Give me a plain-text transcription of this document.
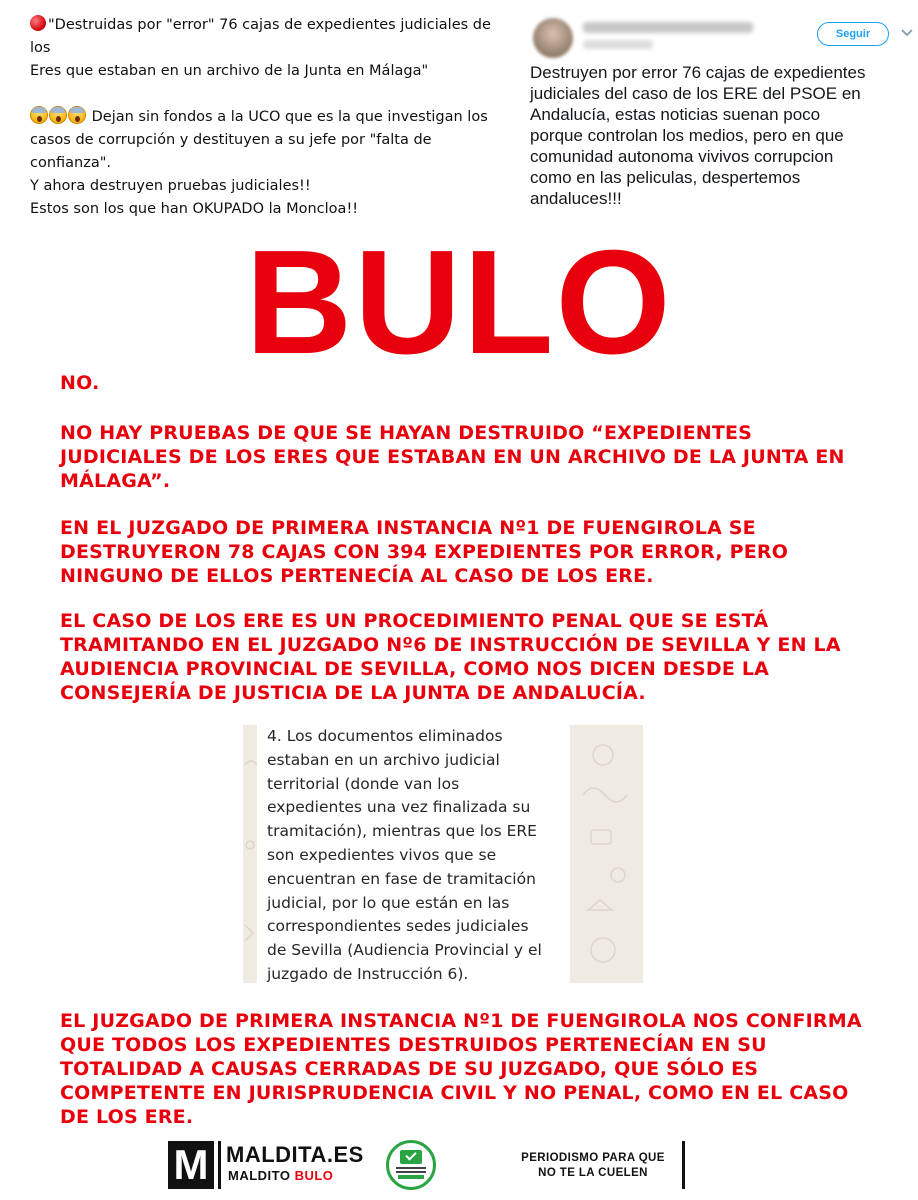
"Destruidas por "error" 76 cajas de expedientes judiciales de los

Eres que estaban en un archivo de la Junta en Málaga"

Dejan sin fondos a la UCO que es la que investigan los

casos de corrupción y destituyen a su jefe por "falta de confianza".

Y ahora destruyen pruebas judiciales!!

Estos son los que han OKUPADO la Moncloa!!

Seguir
Destruyen por error 76 cajas de expedientes
judiciales del caso de los ERE del PSOE en
Andalucía, estas noticias suenan poco
porque controlan los medios, pero en que
comunidad autonoma vivivos corrupcion
como en las peliculas, despertemos
andaluces!!!
BULO
NO.
NO HAY PRUEBAS DE QUE SE HAYAN DESTRUIDO “EXPEDIENTES
JUDICIALES DE LOS ERES QUE ESTABAN EN UN ARCHIVO DE LA JUNTA EN
MÁLAGA”.
EN EL JUZGADO DE PRIMERA INSTANCIA Nº1 DE FUENGIROLA SE
DESTRUYERON 78 CAJAS CON 394 EXPEDIENTES POR ERROR, PERO
NINGUNO DE ELLOS PERTENECÍA AL CASO DE LOS ERE.
EL CASO DE LOS ERE ES UN PROCEDIMIENTO PENAL QUE SE ESTÁ
TRAMITANDO EN EL JUZGADO Nº6 DE INSTRUCCIÓN DE SEVILLA Y EN LA
AUDIENCIA PROVINCIAL DE SEVILLA, COMO NOS DICEN DESDE LA
CONSEJERÍA DE JUSTICIA DE LA JUNTA DE ANDALUCÍA.
4. Los documentos eliminados
estaban en un archivo judicial
territorial (donde van los
expedientes una vez finalizada su
tramitación), mientras que los ERE
son expedientes vivos que se
encuentran en fase de tramitación
judicial, por lo que están en las
correspondientes sedes judiciales
de Sevilla (Audiencia Provincial y el
juzgado de Instrucción 6).
EL JUZGADO DE PRIMERA INSTANCIA Nº1 DE FUENGIROLA NOS CONFIRMA
QUE TODOS LOS EXPEDIENTES DESTRUIDOS PERTENECÍAN EN SU
TOTALIDAD A CAUSAS CERRADAS DE SU JUZGADO, QUE SÓLO ES
COMPETENTE EN JURISPRUDENCIA CIVIL Y NO PENAL, COMO EN EL CASO
DE LOS ERE.
M MALDITA.ES
MALDITO BULO
PERIODISMO PARA QUE
NO TE LA CUELEN
